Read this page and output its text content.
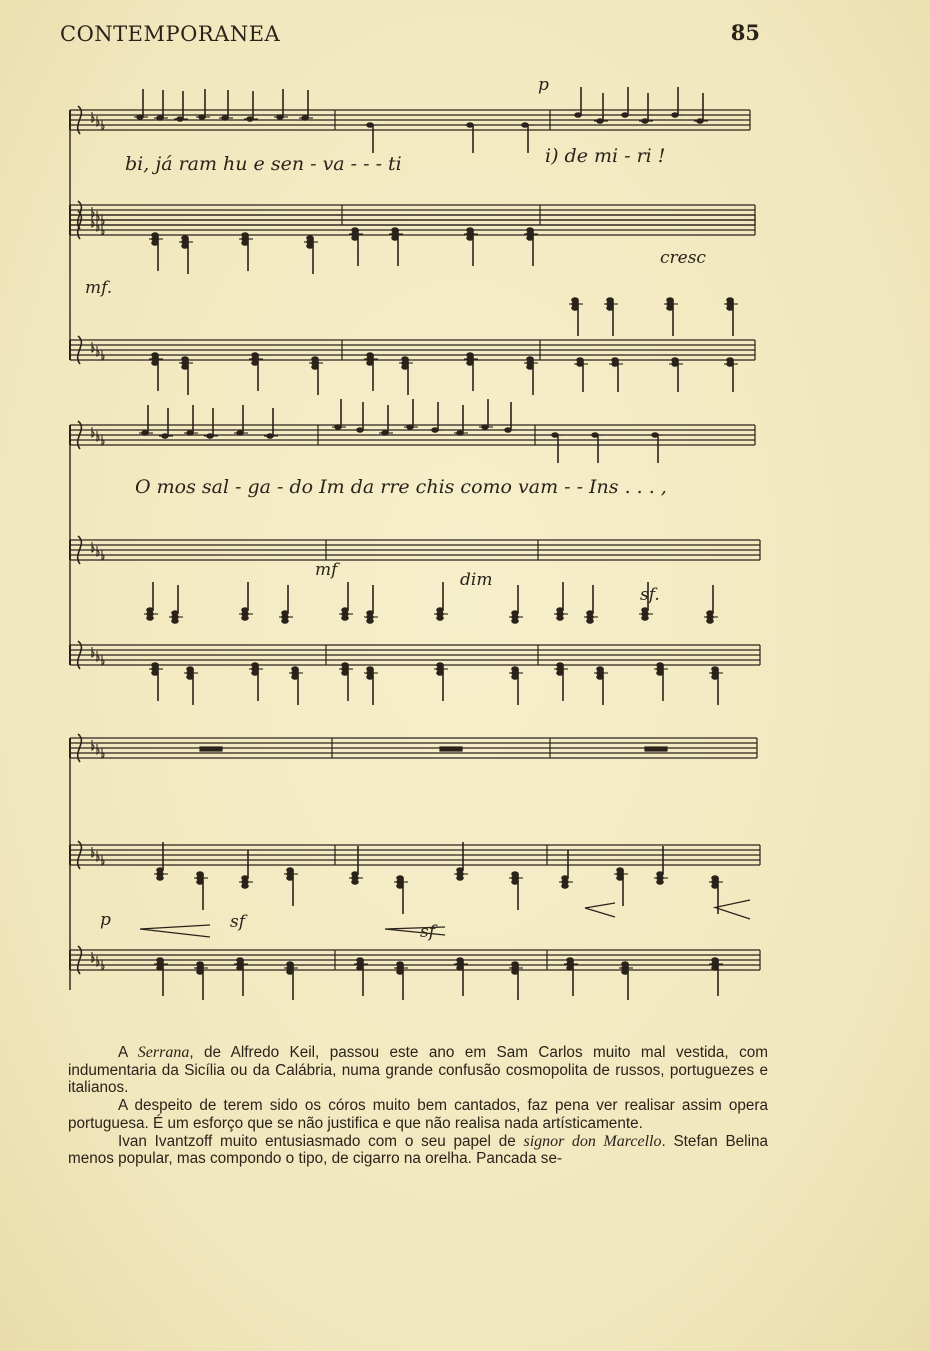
CONTEMPORANEA	85
bi, já ram hu e sen - va - - - ti	i) de mi - ri !
O mos sal - ga - do Im da rre chis como vam - - Ins . . . ,
p
mf.
mf	dim
sf.
p	sf	sf
cresc

A Serrana, de Alfredo Keil, passou este ano em Sam Carlos muito mal vestida, com indumentaria da Sicília ou da Calábria, numa grande confusão cosmopolita de russos, portuguezes e italianos.

A despeito de terem sido os córos muito bem cantados, faz pena ver realisar assim opera portuguesa. É um esforço que se não justifica e que não realisa nada artísticamente.

Ivan Ivantzoff muito entusiasmado com o seu papel de signor don Marcello. Stefan Belina menos popular, mas compondo o tipo, de cigarro na orelha. Pancada se-
